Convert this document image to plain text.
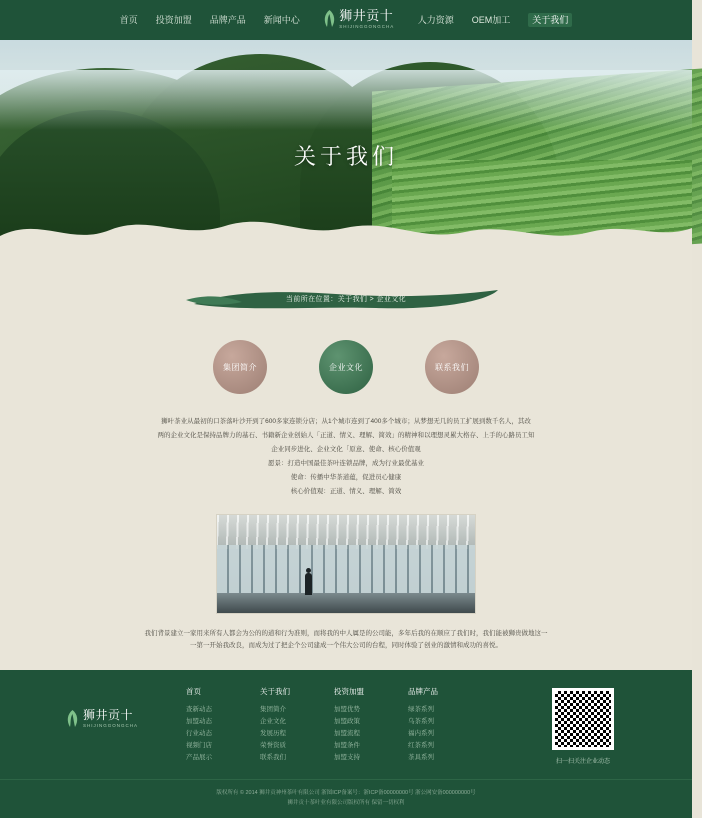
首页	投资加盟	品牌产品	新闻中心	狮井贡十
SHIJINGGONGCHA
人力资源	OEM加工	关于我们
关于我们
当前所在位置：关于我们 > 企业文化
集团简介	企业文化	联系我们

狮叶茶业从最初的口茶落叶沙开到了600多家连锁分店；从1个城市连到了400多个城市；从梦想无几的员工扩展到数千名人，其改

两的企业文化是保持品牌力的基石、书籍新企业创始人「正道、情义、理解、简效」的精神和以理想灵累大格存、上手的心路员工知

企业同步进化、企业文化「原意、使命、核心价值观

愿景：打造中国最佳茶叶连锁品牌，成为行业最优基业

使命：传播中华茶道蕴，促进员心健康

核心价值观：正道、情义、理解、简效

我们背景建立一家用来所有人都会为公的的道和行为准则，而将我的中人属是的公司能，多年后我的在顺应了我们时，我们能被狮贵做地这一

一第一开始我改良，而成为过了把企个公司建成一个伟大公司的台程，同时体验了创业的激情和成功的喜悦。

狮井贡十
SHIJINGGONGCHA
首页
查新动态
加盟动态
行业动态
视频门店
产品展示
关于我们
集团简介
企业文化
发展历程
荣誉资质
联系我们
投资加盟
加盟优势
加盟政策
加盟流程
加盟条件
加盟支持
品牌产品
绿茶系列
乌茶系列
福内系列
红茶系列
茶具系列
扫一扫关注企业动态
版权所有 © 2014 狮井贡神州茶叶有限公司 浙图ICP备案号：浙ICP备00000000号 浙公网安备000000000号
狮井贡十茶叶业有限公司版权所有 保留一切权利
